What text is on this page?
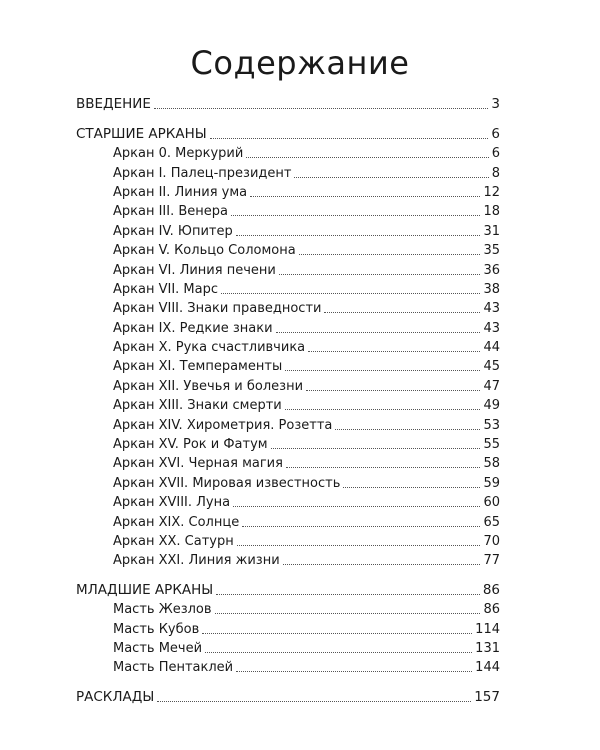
Содержание
ВВЕДЕНИЕ	3
СТАРШИЕ АРКАНЫ	6
Аркан 0. Меркурий	6
Аркан I. Палец-президент	8
Аркан II. Линия ума	12
Аркан III. Венера	18
Аркан IV. Юпитер	31
Аркан V. Кольцо Соломона	35
Аркан VI. Линия печени	36
Аркан VII. Марс	38
Аркан VIII. Знаки праведности	43
Аркан IX. Редкие знаки	43
Аркан X. Рука счастливчика	44
Аркан XI. Темпераменты	45
Аркан XII. Увечья и болезни	47
Аркан XIII. Знаки смерти	49
Аркан XIV. Хирометрия. Розетта	53
Аркан XV. Рок и Фатум	55
Аркан XVI. Черная магия	58
Аркан XVII. Мировая известность	59
Аркан XVIII. Луна	60
Аркан XIX. Солнце	65
Аркан XX. Сатурн	70
Аркан XXI. Линия жизни	77
МЛАДШИЕ АРКАНЫ	86
Масть Жезлов	86
Масть Кубов	114
Масть Мечей	131
Масть Пентаклей	144
РАСКЛАДЫ	157
